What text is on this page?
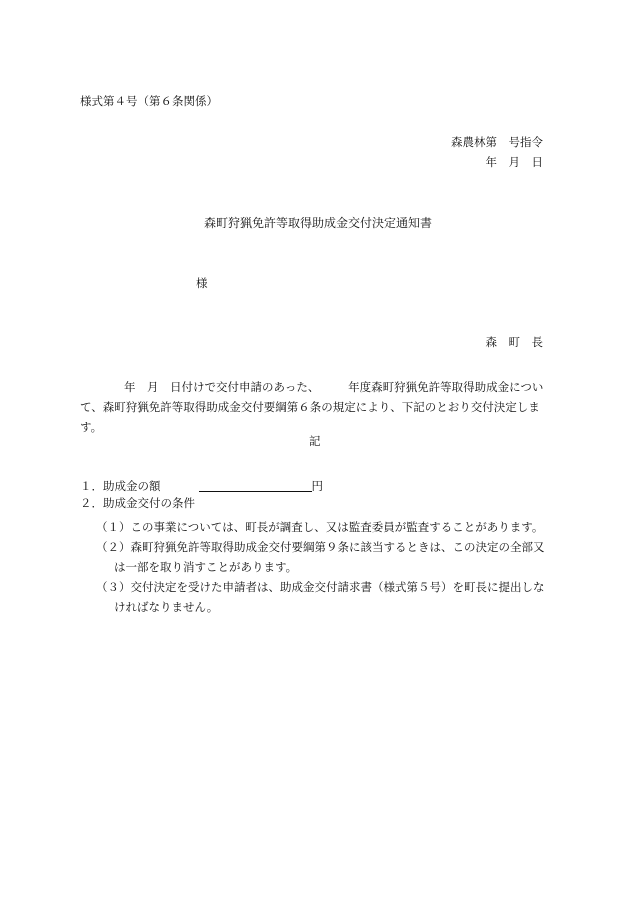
様式第４号（第６条関係）
森農林第　号指令
年　月　日
森町狩猟免許等取得助成金交付決定通知書
様
森　町　長
年　月　日付けで交付申請のあった、　　　年度森町狩猟免許等取得助成金について、森町狩猟免許等取得助成金交付要綱第６条の規定により、下記のとおり交付決定します。
記
１．助成金の額	円
２．助成金交付の条件
（１）この事業については、町長が調査し、又は監査委員が監査することがあります。
（２）森町狩猟免許等取得助成金交付要綱第９条に該当するときは、この決定の全部又
は一部を取り消すことがあります。
（３）交付決定を受けた申請者は、助成金交付請求書（様式第５号）を町長に提出しな
ければなりません。
